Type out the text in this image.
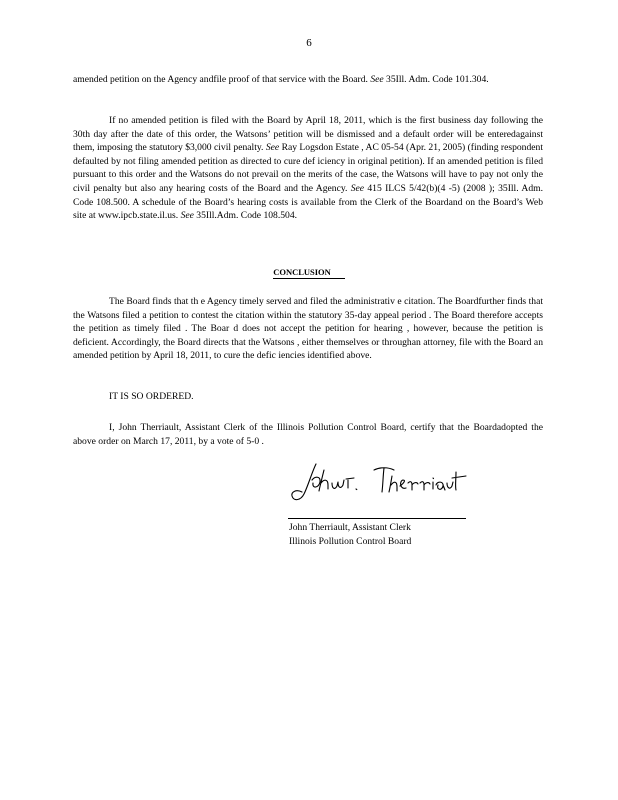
6

amended petition on the Agency andfile proof of that service with the Board. See 35Ill. Adm. Code 101.304.

If no amended petition is filed with the Board by April 18, 2011, which is the first business day following the 30th day after the date of this order, the Watsons’ petition will be dismissed and a default order will be enteredagainst them, imposing the statutory $3,000 civil penalty. See Ray Logsdon Estate , AC 05-54 (Apr. 21, 2005) (finding respondent defaulted by not filing amended petition as directed to cure def iciency in original petition). If an amended petition is filed pursuant to this order and the Watsons do not prevail on the merits of the case, the Watsons will have to pay not only the civil penalty but also any hearing costs of the Board and the Agency. See 415 ILCS 5/42(b)(4 -5) (2008 ); 35Ill. Adm. Code 108.500. A schedule of the Board’s hearing costs is available from the Clerk of the Boardand on the Board’s Web site at www.ipcb.state.il.us. See 35Ill.Adm. Code 108.504.

CONCLUSION

The Board finds that th e Agency timely served and filed the administrativ e citation. The Boardfurther finds that the Watsons filed a petition to contest the citation within the statutory 35-day appeal period . The Board therefore accepts the petition as timely filed . The Boar d does not accept the petition for hearing , however, because the petition is deficient. Accordingly, the Board directs that the Watsons , either themselves or throughan attorney, file with the Board an amended petition by April 18, 2011, to cure the defic iencies identified above.

IT IS SO ORDERED.

I, John Therriault, Assistant Clerk of the Illinois Pollution Control Board, certify that the Boardadopted the above order on March 17, 2011, by a vote of 5-0 .

John Therriault, Assistant Clerk
Illinois Pollution Control Board
